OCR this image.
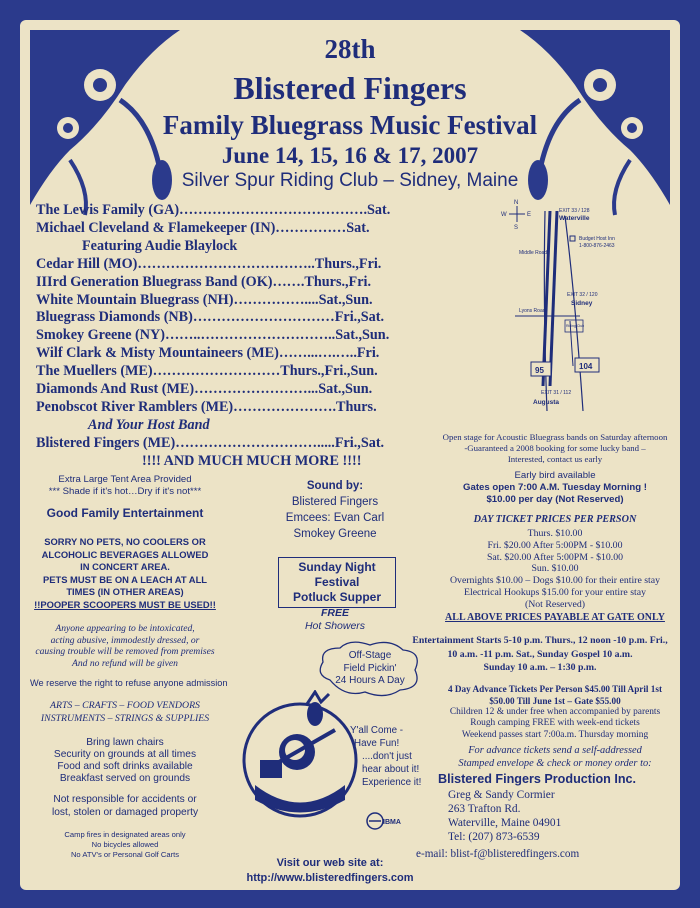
28th
Blistered Fingers
Family Bluegrass Music Festival
June 14, 15, 16 & 17, 2007
Silver Spur Riding Club – Sidney, Maine
The Lewis Family (GA)………………………………….Sat.
Michael Cleveland & Flamekeeper (IN)……………Sat.
Featuring Audie Blaylock
Cedar Hill (MO)………………………………..Thurs.,Fri.
IIIrd Generation Bluegrass Band (OK)…….Thurs.,Fri.
White Mountain Bluegrass (NH)……………....Sat.,Sun.
Bluegrass Diamonds (NB)…………………………Fri.,Sat.
Smokey Greene (NY)……..………………………..Sat.,Sun.
Wilf Clark & Misty Mountaineers (ME)……...….…..Fri.
The Muellers (ME)………………………Thurs.,Fri.,Sun.
Diamonds And Rust (ME)……………………...Sat.,Sun.
Penobscot River Ramblers (ME)………………….Thurs.
And Your Host Band
Blistered Fingers (ME)………………………….....Fri.,Sat.
!!!! AND MUCH MUCH MORE !!!!
N
W	E
S
EXIT 33 / 128
Waterville
Budget Host Inn
1-800-876-2463
Middle Road
EXIT 32 / 120
Sidney
Lyons Road
Riding Club
95	104
EXIT 31 / 112
Augusta
Extra Large Tent Area Provided
*** Shade if it's hot…Dry if it's not***
Good Family Entertainment
SORRY NO PETS, NO COOLERS OR
ALCOHOLIC BEVERAGES ALLOWED
IN CONCERT AREA.
PETS MUST BE ON A LEACH AT ALL
TIMES (IN OTHER AREAS)
!!POOPER SCOOPERS MUST BE USED!!
Anyone appearing to be intoxicated,
acting abusive, immodestly dressed, or
causing trouble will be removed from premises
And no refund will be given
We reserve the right to refuse anyone admission
ARTS – CRAFTS – FOOD VENDORS
INSTRUMENTS – STRINGS & SUPPLIES
Bring lawn chairs
Security on grounds at all times
Food and soft drinks available
Breakfast served on grounds
Not responsible for accidents or
lost, stolen or damaged property
Camp fires in designated areas only
No bicycles allowed
No ATV's or Personal Golf Carts
Sound by:
Blistered Fingers
Emcees: Evan Carl
Smokey Greene
Sunday Night Festival
Potluck Supper
FREE
Hot Showers
Off-Stage
Field Pickin'
24 Hours A Day
Y'all Come -
Have Fun!
....don't just
hear about it!
Experience it!
IBMA
Visit our web site at:
http://www.blisteredfingers.com
Open stage for Acoustic Bluegrass bands on Saturday afternoon
-Guaranteed a 2008 booking for some lucky band –
Interested, contact us early
Early bird available
Gates open 7:00 A.M. Tuesday Morning !
$10.00 per day (Not Reserved)
DAY TICKET PRICES PER PERSON
Thurs. $10.00
Fri. $20.00 After 5:00PM - $10.00
Sat. $20.00 After 5:00PM - $10.00
Sun. $10.00
Overnights $10.00 – Dogs $10.00 for their entire stay
Electrical Hookups $15.00 for your entire stay
(Not Reserved)
ALL ABOVE PRICES PAYABLE AT GATE ONLY
Entertainment Starts 5-10 p.m. Thurs., 12 noon -10 p.m. Fri.,
10 a.m. -11 p.m. Sat., Sunday Gospel 10 a.m.
Sunday 10 a.m. – 1:30 p.m.
4 Day Advance Tickets Per Person $45.00 Till April 1st
$50.00 Till June 1st – Gate $55.00
Children 12 & under free when accompanied by parents
Rough camping FREE with week-end tickets
Weekend passes start 7:00a.m. Thursday morning
For advance tickets send a self-addressed
Stamped envelope & check or money order to:
Blistered Fingers Production Inc.
Greg & Sandy Cormier
263 Trafton Rd.
Waterville, Maine 04901
Tel: (207) 873-6539
e-mail: blist-f@blisteredfingers.com
